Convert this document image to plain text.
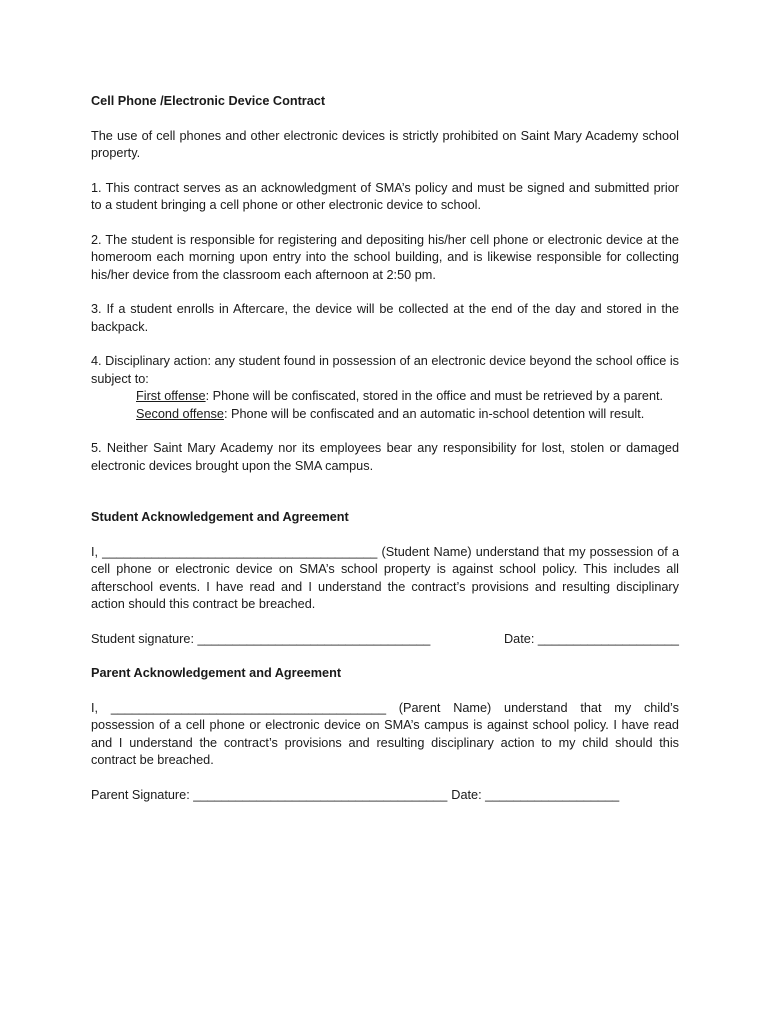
Cell Phone /Electronic Device Contract

The use of cell phones and other electronic devices is strictly prohibited on Saint Mary Academy school property.

1. This contract serves as an acknowledgment of SMA’s policy and must be signed and submitted prior to a student bringing a cell phone or other electronic device to school.

2. The student is responsible for registering and depositing his/her cell phone or electronic device at the homeroom each morning upon entry into the school building, and is likewise responsible for collecting his/her device from the classroom each afternoon at 2:50 pm.

3. If a student enrolls in Aftercare, the device will be collected at the end of the day and stored in the backpack.

4. Disciplinary action: any student found in possession of an electronic device beyond the school office is subject to:

First offense: Phone will be confiscated, stored in the office and must be retrieved by a parent.

Second offense: Phone will be confiscated and an automatic in-school detention will result.

5. Neither Saint Mary Academy nor its employees bear any responsibility for lost, stolen or damaged electronic devices brought upon the SMA campus.

Student Acknowledgement and Agreement

I, _______________________________________ (Student Name) understand that my possession of a cell phone or electronic device on SMA’s school property is against school policy. This includes all afterschool events. I have read and I understand the contract’s provisions and resulting disciplinary action should this contract be breached.

Student signature: _________________________________	Date: ____________________
Parent Acknowledgement and Agreement

I, _______________________________________ (Parent Name) understand that my child’s possession of a cell phone or electronic device on SMA’s campus is against school policy. I have read and I understand the contract’s provisions and resulting disciplinary action to my child should this contract be breached.

Parent Signature: ____________________________________ Date: ___________________
